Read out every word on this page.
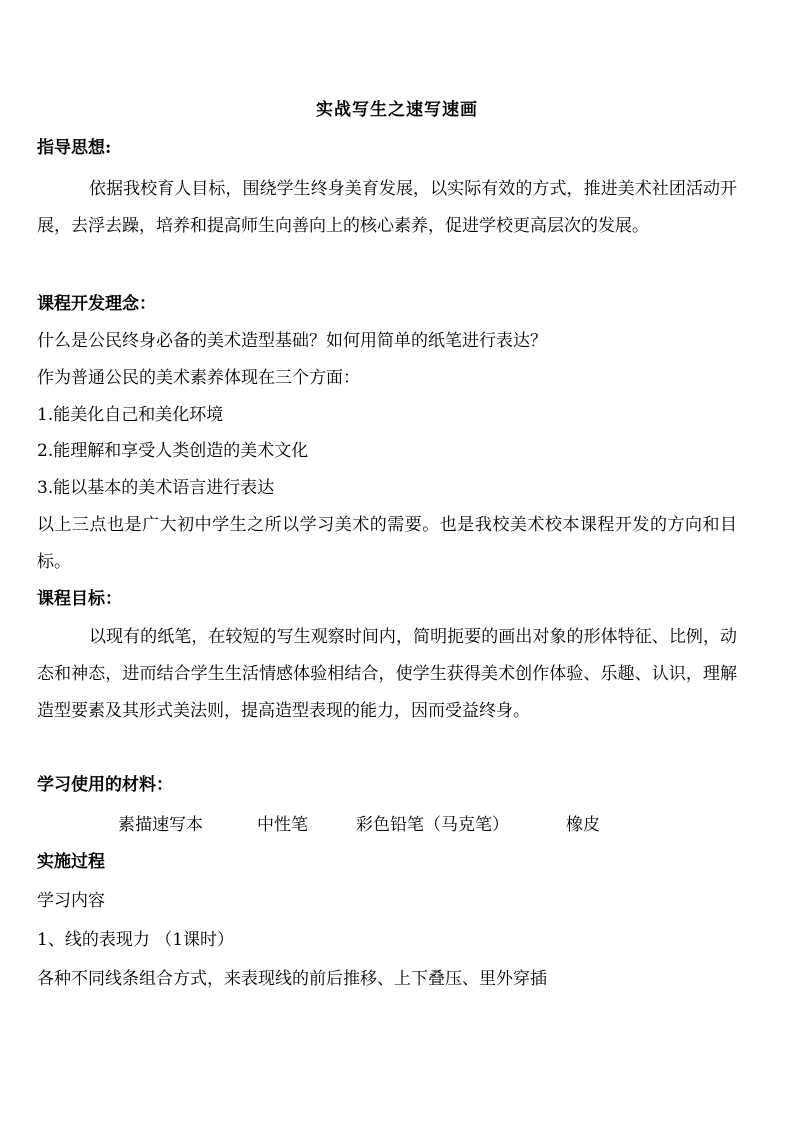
实战写生之速写速画
指导思想:
依据我校育人目标，围绕学生终身美育发展，以实际有效的方式，推进美术社团活动开展，去浮去躁，培养和提高师生向善向上的核心素养，促进学校更高层次的发展。
课程开发理念：
什么是公民终身必备的美术造型基础？如何用简单的纸笔进行表达？
作为普通公民的美术素养体现在三个方面：
1.能美化自己和美化环境
2.能理解和享受人类创造的美术文化
3.能以基本的美术语言进行表达
以上三点也是广大初中学生之所以学习美术的需要。也是我校美术校本课程开发的方向和目标。
课程目标：
以现有的纸笔，在较短的写生观察时间内，简明扼要的画出对象的形体特征、比例，动态和神态，进而结合学生生活情感体验相结合，使学生获得美术创作体验、乐趣、认识，理解造型要素及其形式美法则，提高造型表现的能力，因而受益终身。
学习使用的材料：
素描速写本	中性笔	彩色铅笔（马克笔）	橡皮
实施过程
学习内容
1、线的表现力 （1课时）
各种不同线条组合方式，来表现线的前后推移、上下叠压、里外穿插
